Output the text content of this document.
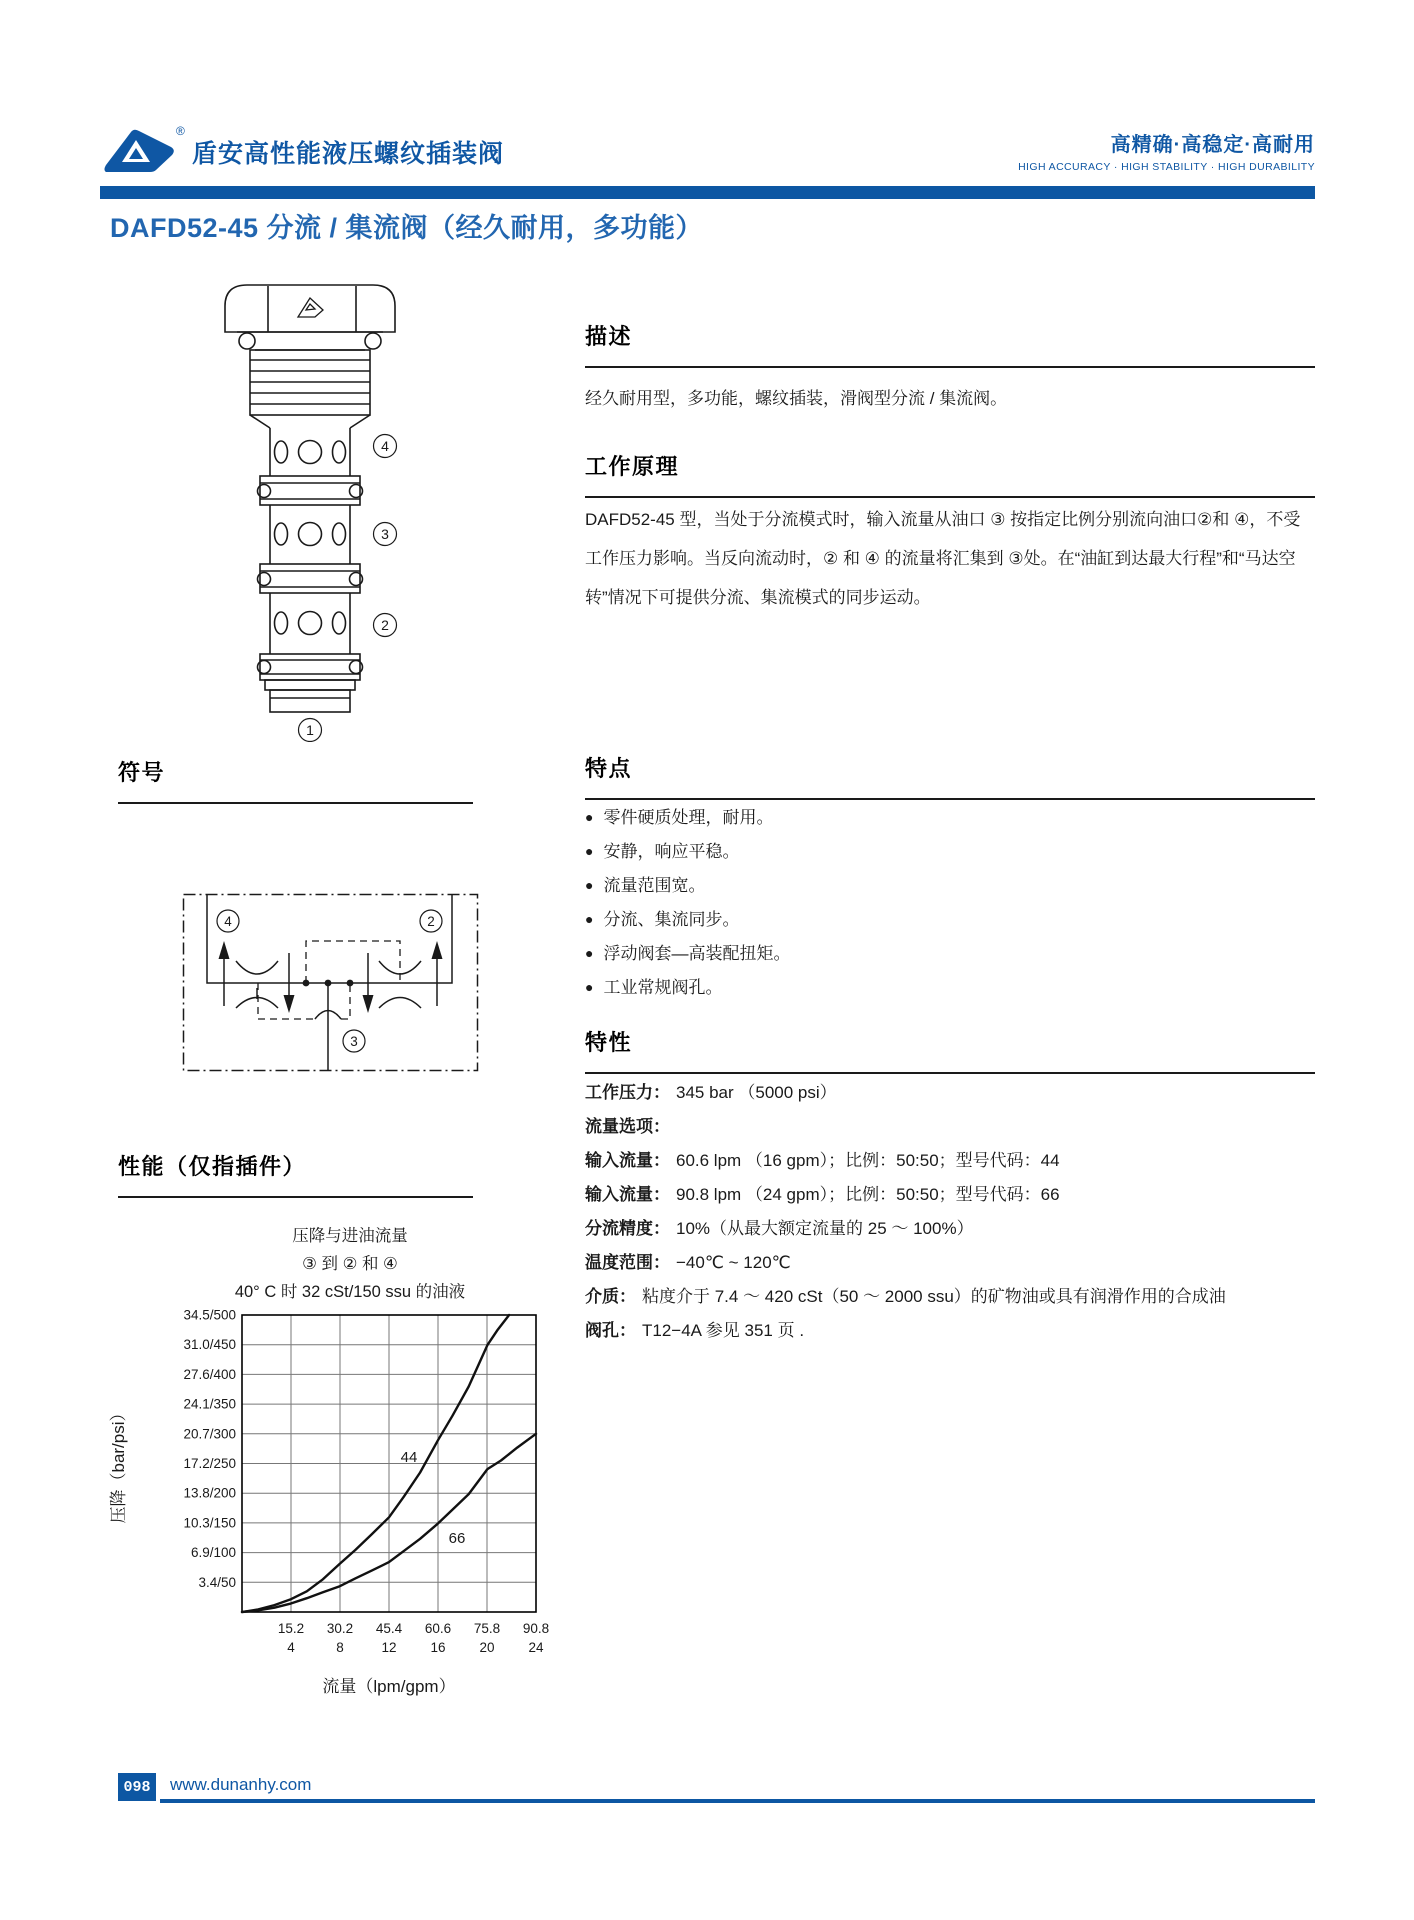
®
盾安高性能液压螺纹插装阀	高精确·高稳定·高耐用
HIGH ACCURACY · HIGH STABILITY · HIGH DURABILITY
DAFD52-45 分流 / 集流阀（经久耐用，多功能）
4
3
2
1
符号
4	2
3
性能（仅指插件）
压降与进油流量
③ 到 ② 和 ④
40° C 时 32 cSt/150 ssu 的油液
44
66
34.5/500
31.0/450
27.6/400
24.1/350
20.7/300
17.2/250
13.8/200
10.3/150
6.9/100
3.4/50
15.2 30.2 45.4 60.6 75.8 90.8
4	8	12	16	20	24
流量（lpm/gpm）
压降（bar/psi）
描述
经久耐用型，多功能，螺纹插装，滑阀型分流 / 集流阀。
工作原理
DAFD52-45 型，当处于分流模式时，输入流量从油口 ③ 按指定比例分别流向油口②和 ④，不受工作压力影响。当反向流动时，② 和 ④ 的流量将汇集到 ③处。在“油缸到达最大行程”和“马达空转”情况下可提供分流、集流模式的同步运动。
特点
● 零件硬质处理，耐用。
● 安静，响应平稳。
● 流量范围宽。
● 分流、集流同步。
● 浮动阀套—高装配扭矩。
● 工业常规阀孔。
特性
工作压力： 345 bar （5000 psi）
流量选项：
输入流量： 60.6 lpm （16 gpm）；比例：50:50；型号代码：44
输入流量： 90.8 lpm （24 gpm）；比例：50:50；型号代码：66
分流精度： 10%（从最大额定流量的 25 ～ 100%）
温度范围： −40℃ ~ 120℃
介质： 粘度介于 7.4 ～ 420 cSt（50 ～ 2000 ssu）的矿物油或具有润滑作用的合成油
阀孔： T12−4A 参见 351 页 .
098	www.dunanhy.com
